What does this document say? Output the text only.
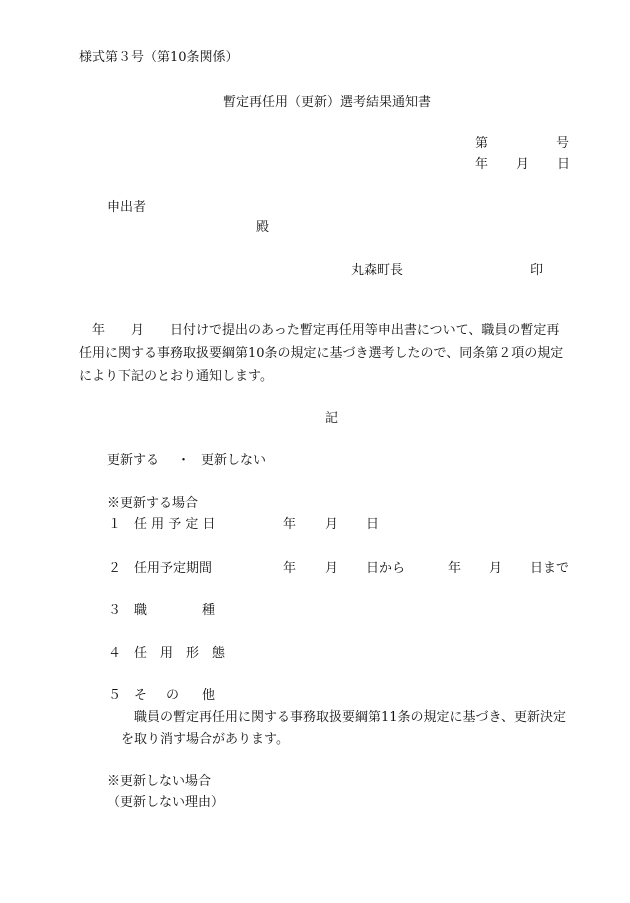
様式第３号（第10条関係）
暫定再任用（更新）選考結果通知書
第	号
年 月 日
申出者
殿
丸森町長	印
　年　　月　　日付けで提出のあった暫定再任用等申出書について、職員の暫定再
任用に関する事務取扱要綱第10条の規定に基づき選考したので、同条第２項の規定
により下記のとおり通知します。
記
更新する ・ 更新しない
※更新する場合
１ 任 用 予 定 日	年 月 日
２ 任用予定期間	年 月 日から	年 月 日まで
３ 職	種
４ 任　用　形　態
５ そ の 他
職員の暫定再任用に関する事務取扱要綱第11条の規定に基づき、更新決定
を取り消す場合があります。
※更新しない場合
（更新しない理由）
